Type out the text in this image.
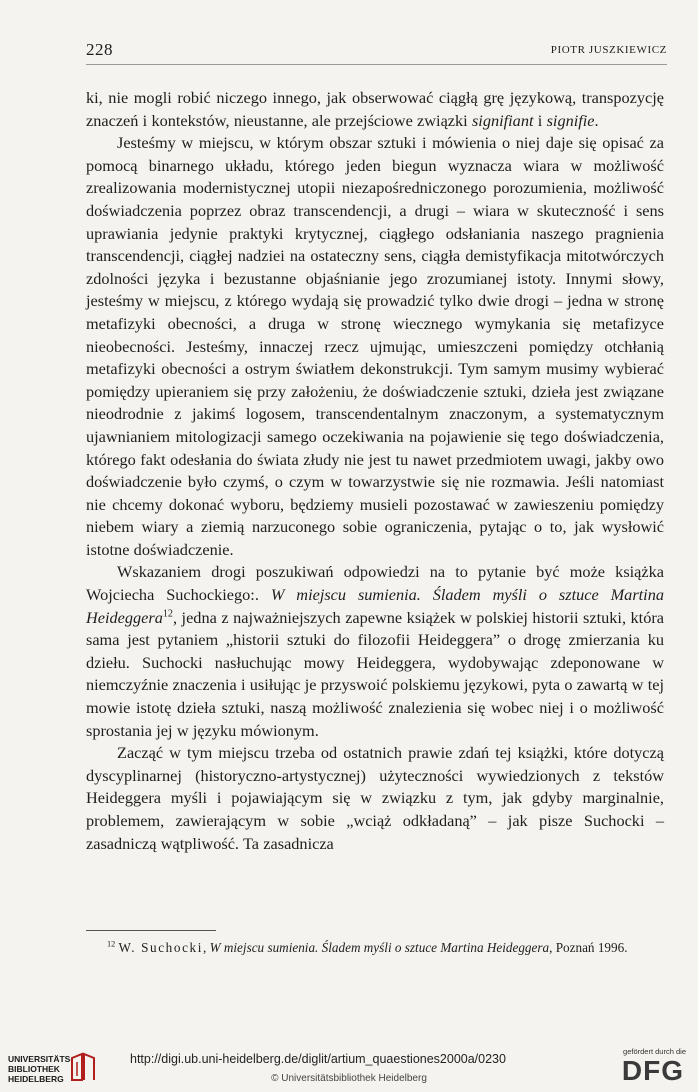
228	PIOTR JUSZKIEWICZ

ki, nie mogli robić niczego innego, jak obserwować ciągłą grę językową, transpozycję znaczeń i kontekstów, nieustanne, ale przejściowe związki signifiant i signifie.

Jesteśmy w miejscu, w którym obszar sztuki i mówienia o niej daje się opisać za pomocą binarnego układu, którego jeden biegun wyznacza wiara w możliwość zrealizowania modernistycznej utopii niezapośredniczonego porozumienia, możliwość doświadczenia poprzez obraz transcendencji, a drugi – wiara w skuteczność i sens uprawiania jedynie praktyki krytycznej, ciągłego odsłaniania naszego pragnienia transcendencji, ciągłej nadziei na ostateczny sens, ciągła demistyfikacja mitotwórczych zdolności języka i bezustanne objaśnianie jego zrozumianej istoty. Innymi słowy, jesteśmy w miejscu, z którego wydają się prowadzić tylko dwie drogi – jedna w stronę metafizyki obecności, a druga w stronę wiecznego wymykania się metafizyce nieobecności. Jesteśmy, innaczej rzecz ujmując, umieszczeni pomiędzy otchłanią metafizyki obecności a ostrym światłem dekonstrukcji. Tym samym musimy wybierać pomiędzy upieraniem się przy założeniu, że doświadczenie sztuki, dzieła jest związane nieodrodnie z jakimś logosem, transcendentalnym znaczonym, a systematycznym ujawnianiem mitologizacji samego oczekiwania na pojawienie się tego doświadczenia, którego fakt odesłania do świata złudy nie jest tu nawet przedmiotem uwagi, jakby owo doświadczenie było czymś, o czym w towarzystwie się nie rozmawia. Jeśli natomiast nie chcemy dokonać wyboru, będziemy musieli pozostawać w zawieszeniu pomiędzy niebem wiary a ziemią narzuconego sobie ograniczenia, pytając o to, jak wysłowić istotne doświadczenie.

Wskazaniem drogi poszukiwań odpowiedzi na to pytanie być może książka Wojciecha Suchockiego:. W miejscu sumienia. Śladem myśli o sztuce Martina Heideggera$^{12}$, jedna z najważniejszych zapewne książek w polskiej historii sztuki, która sama jest pytaniem „historii sztuki do filozofii Heideggera” o drogę zmierzania ku dziełu. Suchocki nasłuchując mowy Heideggera, wydobywając zdeponowane w niemczyźnie znaczenia i usiłując je przyswoić polskiemu językowi, pyta o zawartą w tej mowie istotę dzieła sztuki, naszą możliwość znalezienia się wobec niej i o możliwość sprostania jej w języku mówionym.

Zacząć w tym miejscu trzeba od ostatnich prawie zdań tej książki, które dotyczą dyscyplinarnej (historyczno-artystycznej) użyteczności wywiedzionych z tekstów Heideggera myśli i pojawiającym się w związku z tym, jak gdyby marginalnie, problemem, zawierającym w sobie „wciąż odkładaną” – jak pisze Suchocki – zasadniczą wątpliwość. Ta zasadnicza

$^{12}$ W. Suchocki, W miejscu sumienia. Śladem myśli o sztuce Martina Heideggera, Poznań 1996.

UNIVERSITÄTS-
BIBLIOTHEK
HEIDELBERG
http://digi.ub.uni-heidelberg.de/diglit/artium_quaestiones2000a/0230
© Universitätsbibliothek Heidelberg
gefördert durch die
DFG
